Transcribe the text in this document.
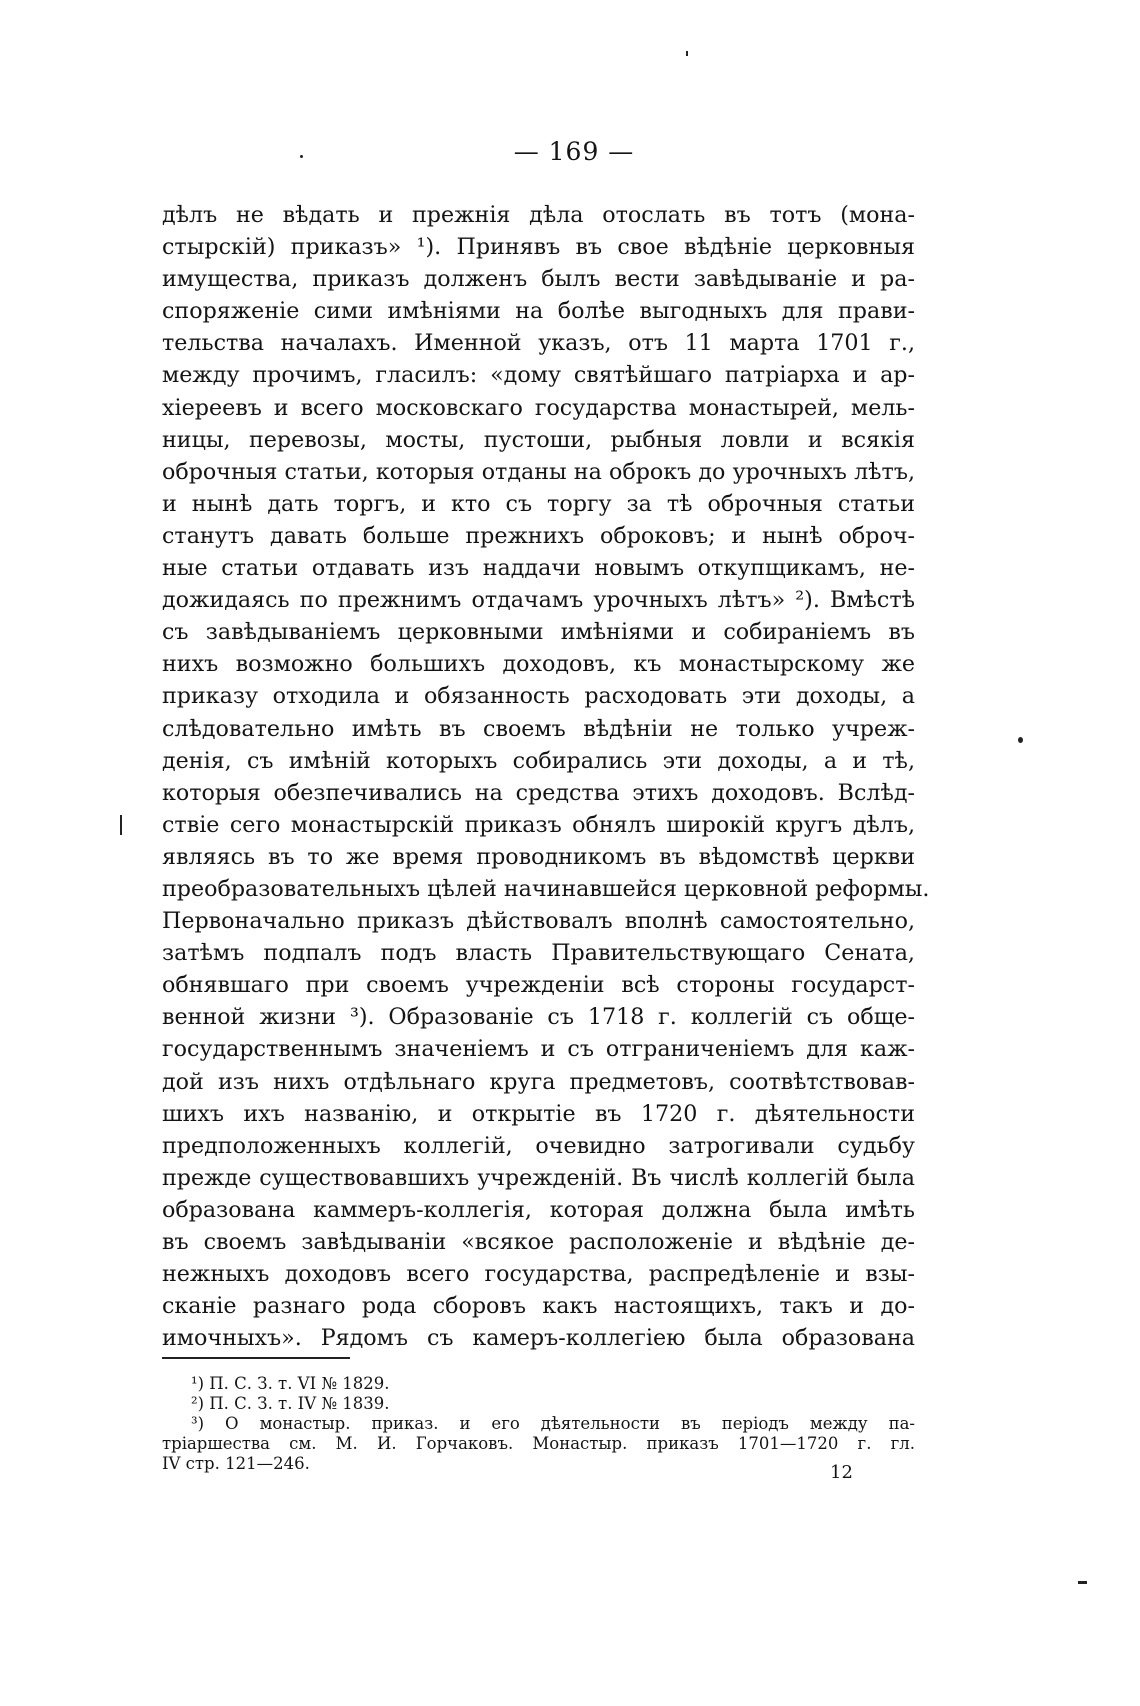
— 169 —
дѣлъ не вѣдать и прежнія дѣла отослать въ тотъ (мона-
стырскій) приказъ» ¹). Принявъ въ свое вѣдѣніе церковныя
имущества, приказъ долженъ былъ вести завѣдываніе и ра-
споряженіе сими имѣніями на болѣе выгодныхъ для прави-
тельства началахъ. Именной указъ, отъ 11 марта 1701 г.,
между прочимъ, гласилъ: «дому святѣйшаго патріарха и ар-
хіереевъ и всего московскаго государства монастырей, мель-
ницы, перевозы, мосты, пустоши, рыбныя ловли и всякія
оброчныя статьи, которыя отданы на оброкъ до урочныхъ лѣтъ,
и нынѣ дать торгъ, и кто съ торгу за тѣ оброчныя статьи
станутъ давать больше прежнихъ оброковъ; и нынѣ оброч-
ные статьи отдавать изъ наддачи новымъ откупщикамъ, не-
дожидаясь по прежнимъ отдачамъ урочныхъ лѣтъ» ²). Вмѣстѣ
съ завѣдываніемъ церковными имѣніями и собираніемъ въ
нихъ возможно большихъ доходовъ, къ монастырскому же
приказу отходила и обязанность расходовать эти доходы, а
слѣдовательно имѣть въ своемъ вѣдѣніи не только учреж-
денія, съ имѣній которыхъ собирались эти доходы, а и тѣ,
которыя обезпечивались на средства этихъ доходовъ. Вслѣд-
ствіе сего монастырскій приказъ обнялъ широкій кругъ дѣлъ,
являясь въ то же время проводникомъ въ вѣдомствѣ церкви
преобразовательныхъ цѣлей начинавшейся церковной реформы.
Первоначально приказъ дѣйствовалъ вполнѣ самостоятельно,
затѣмъ подпалъ подъ власть Правительствующаго Сената,
обнявшаго при своемъ учрежденіи всѣ стороны государст-
венной жизни ³). Образованіе съ 1718 г. коллегій съ обще-
государственнымъ значеніемъ и съ отграниченіемъ для каж-
дой изъ нихъ отдѣльнаго круга предметовъ, соотвѣтствовав-
шихъ ихъ названію, и открытіе въ 1720 г. дѣятельности
предположенныхъ коллегій, очевидно затрогивали судьбу
прежде существовавшихъ учрежденій. Въ числѣ коллегій была
образована каммеръ-коллегія, которая должна была имѣть
въ своемъ завѣдываніи «всякое расположеніе и вѣдѣніе де-
нежныхъ доходовъ всего государства, распредѣленіе и взы-
сканіе разнаго рода сборовъ какъ настоящихъ, такъ и до-
имочныхъ». Рядомъ съ камеръ-коллегіею была образована
¹) П. С. З. т. VI № 1829.
²) П. С. З. т. IV № 1839.
³) О монастыр. приказ. и его дѣятельности въ періодъ между па-
тріаршества см. М. И. Горчаковъ. Монастыр. приказъ 1701—1720 г. гл.
IV стр. 121—246.	12
